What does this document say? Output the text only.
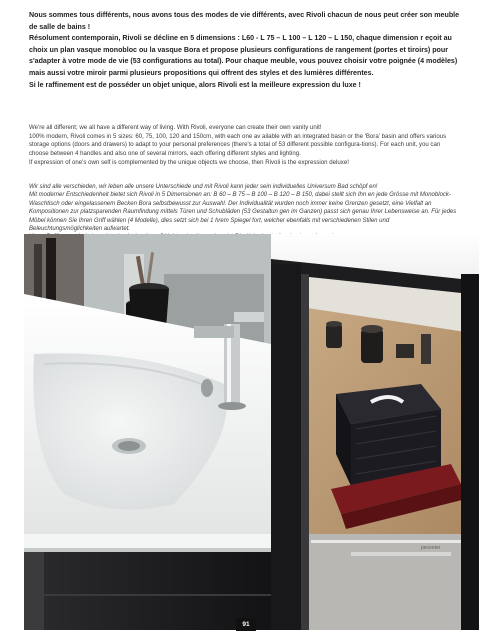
Nous sommes tous différents, nous avons tous des modes de vie différents, avec Rivoli chacun de nous peut créer son meuble de salle de bains !

Résolument contemporain, Rivoli se décline en 5 dimensions : L60 - L 75 – L 100 – L 120 – L 150, chaque dimension r eçoit au choix un plan vasque monobloc ou la vasque Bora et propose plusieurs configurations de rangement (portes et tiroirs) pour s'adapter à votre mode de vie (53 configurations au total). Pour chaque meuble, vous pouvez choisir votre poignée (4 modèles) mais aussi votre miroir parmi plusieurs propositions qui offrent des styles et des lumières différentes.

Si le raffinement est de posséder un objet unique, alors Rivoli est la meilleure expression du luxe !

We're all different; we all have a different way of living. With Rivoli, everyone can create their own vanity unit!

100% modern, Rivoli comes in 5 sizes: 60, 75, 100, 120 and 150cm, with each one av ailable with an integrated basin or the 'Bora' basin and offers various storage options (doors and drawers) to adapt to your personal preferences (there's a total of 53 different possible configura-tions). For each unit, you can choose between 4 handles and also one of several mirrors, each offering different styles and lighting.

If expression of one's own self is complemented by the unique objects we choose, then Rivoli is the expression deluxe!

Wir sind alle verschieden, wir leben alle unsere Unterschiede und mit Rivoli kann jeder sein individuelles Universum Bad schöpf en!

Mit moderner Entschiedenheit bietet sich Rivoli in 5 Dimensionen an: B 60 – B 75 – B 100 – B 120 – B 150, dabei stellt sich Ihn en jede Grösse mit Monoblock-Waschtisch oder eingelassenem Becken Bora selbstbewusst zur Auswahl. Der Individualität wurden noch immer keine Grenzen gesetzt, eine Vielfalt an Kompositionen zur platzsparenden Raumfindung mittels Türen und Schubläden (53 Gestaltun gen im Ganzen) passt sich genau Ihrer Lebensweise an. Für jedes Möbel können Sie Ihren Griff wählen (4 Modelle), dies setzt sich bei 1 hrem Spiegel fort, welcher ebenfalls mit verschiedenen Stilen und Beleuchtungsmöglichkeiten aufwartet.

peceeter
91
